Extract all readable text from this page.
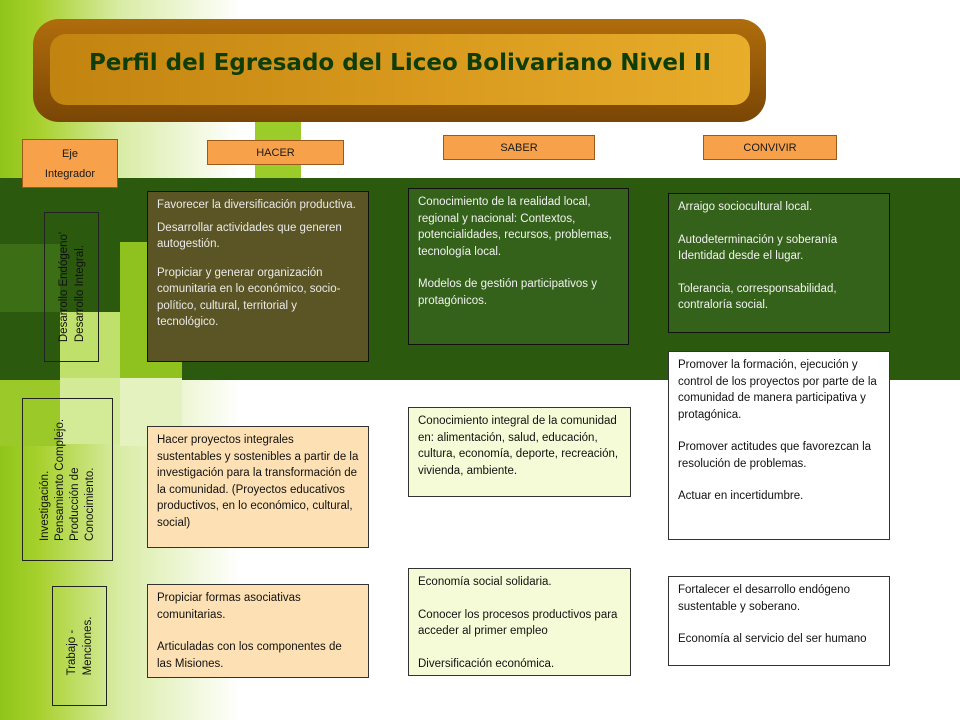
Perfil del Egresado del Liceo Bolivariano Nivel II
Eje
Integrador
HACER	SABER	CONVIVIR
Desarrollo Endógeno' Desarrollo Integral.
Investigación. Pensamiento Complejo. Producción de Conocimiento.
Trabajo - Menciones.

Favorecer la diversificación productiva.

Desarrollar actividades que generen autogestión.

Propiciar y generar organización comunitaria en lo económico, socio-político, cultural, territorial y tecnológico.

Conocimiento de la realidad local, regional y nacional: Contextos, potencialidades, recursos, problemas, tecnología local.

Modelos de gestión participativos y protagónicos.

Arraigo sociocultural local.

Autodeterminación y soberanía Identidad desde el lugar.

Tolerancia, corresponsabilidad, contraloría social.

Hacer proyectos integrales sustentables y sostenibles a partir de la investigación para la transformación de la comunidad. (Proyectos educativos productivos, en lo económico, cultural, social)

Conocimiento integral de la comunidad en: alimentación, salud, educación, cultura, economía, deporte, recreación, vivienda, ambiente.

Promover la formación, ejecución y control de los proyectos por parte de la comunidad de manera participativa y protagónica.

Promover actitudes que favorezcan la resolución de problemas.

Actuar en incertidumbre.

Propiciar formas asociativas comunitarias.

Articuladas con los componentes de las Misiones.

Economía social solidaria.

Conocer los procesos productivos para acceder al primer empleo

Diversificación económica.

Fortalecer el desarrollo endógeno sustentable y soberano.

Economía al servicio del ser humano
